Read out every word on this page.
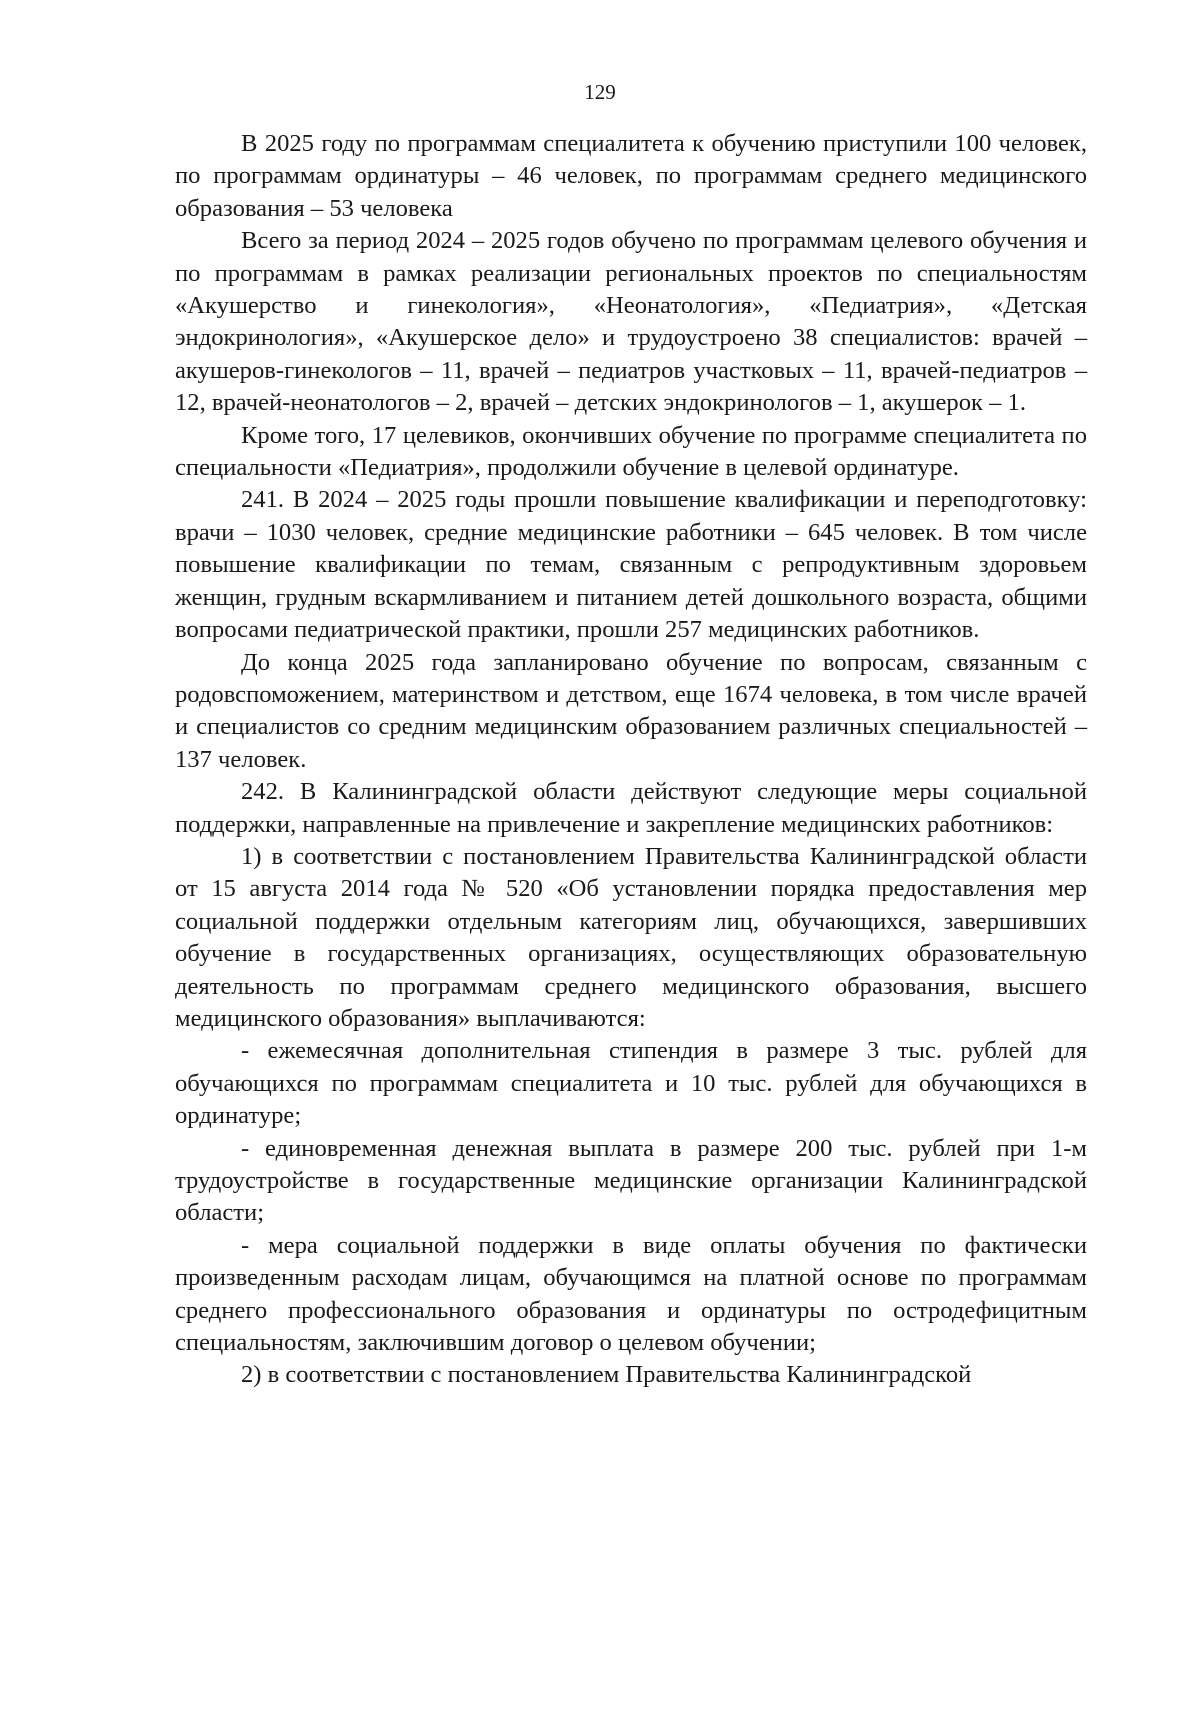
129

В 2025 году по программам специалитета к обучению приступили 100 человек, по программам ординатуры – 46 человек, по программам среднего медицинского образования – 53 человека

Всего за период 2024 – 2025 годов обучено по программам целевого обучения и по программам в рамках реализации региональных проектов по специальностям «Акушерство и гинекология», «Неонатология», «Педиатрия», «Детская эндокринология», «Акушерское дело» и трудоустроено 38 специалистов: врачей – акушеров-гинекологов – 11, врачей – педиатров участковых – 11, врачей-педиатров – 12, врачей-неонатологов – 2, врачей – детских эндокринологов – 1, акушерок – 1.

Кроме того, 17 целевиков, окончивших обучение по программе специалитета по специальности «Педиатрия», продолжили обучение в целевой ординатуре.

241. В 2024 – 2025 годы прошли повышение квалификации и переподготовку: врачи – 1030 человек, средние медицинские работники – 645 человек. В том числе повышение квалификации по темам, связанным с репродуктивным здоровьем женщин, грудным вскармливанием и питанием детей дошкольного возраста, общими вопросами педиатрической практики, прошли 257 медицинских работников.

До конца 2025 года запланировано обучение по вопросам, связанным с родовспоможением, материнством и детством, еще 1674 человека, в том числе врачей и специалистов со средним медицинским образованием различных специальностей – 137 человек.

242. В Калининградской области действуют следующие меры социальной поддержки, направленные на привлечение и закрепление медицинских работников:

1) в соответствии с постановлением Правительства Калининградской области от 15 августа 2014 года № 520 «Об установлении порядка предоставления мер социальной поддержки отдельным категориям лиц, обучающихся, завершивших обучение в государственных организациях, осуществляющих образовательную деятельность по программам среднего медицинского образования, высшего медицинского образования» выплачиваются:

- ежемесячная дополнительная стипендия в размере 3 тыс. рублей для обучающихся по программам специалитета и 10 тыс. рублей для обучающихся в ординатуре;

- единовременная денежная выплата в размере 200 тыс. рублей при 1-м трудоустройстве в государственные медицинские организации Калининградской области;

- мера социальной поддержки в виде оплаты обучения по фактически произведенным расходам лицам, обучающимся на платной основе по программам среднего профессионального образования и ординатуры по остродефицитным специальностям, заключившим договор о целевом обучении;

2) в соответствии с постановлением Правительства Калининградской
